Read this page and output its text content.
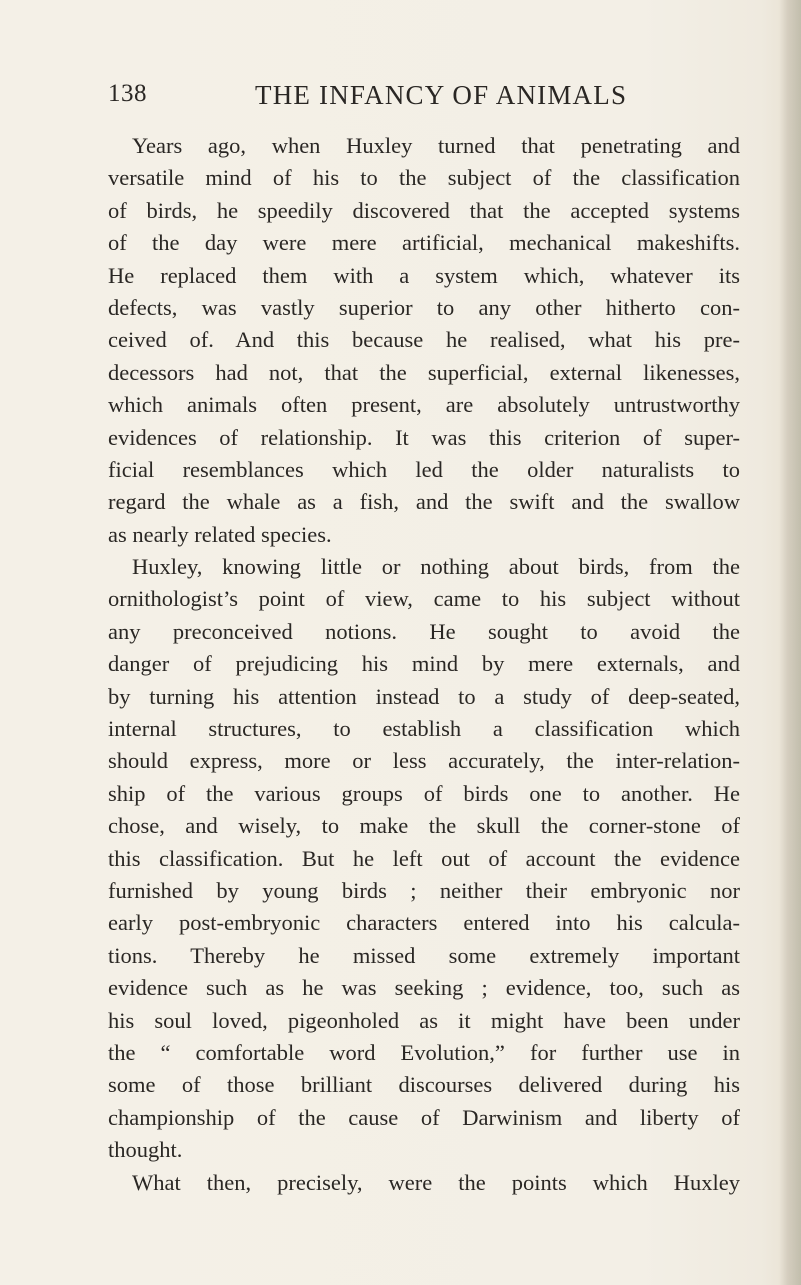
138	THE INFANCY OF ANIMALS
Years ago, when Huxley turned that penetrating and
versatile mind of his to the subject of the classification
of birds, he speedily discovered that the accepted systems
of the day were mere artificial, mechanical makeshifts.
He replaced them with a system which, whatever its
defects, was vastly superior to any other hitherto con-
ceived of. And this because he realised, what his pre-
decessors had not, that the superficial, external likenesses,
which animals often present, are absolutely untrustworthy
evidences of relationship. It was this criterion of super-
ficial resemblances which led the older naturalists to
regard the whale as a fish, and the swift and the swallow
as nearly related species.
Huxley, knowing little or nothing about birds, from the
ornithologist’s point of view, came to his subject without
any preconceived notions. He sought to avoid the
danger of prejudicing his mind by mere externals, and
by turning his attention instead to a study of deep-seated,
internal structures, to establish a classification which
should express, more or less accurately, the inter-relation-
ship of the various groups of birds one to another. He
chose, and wisely, to make the skull the corner-stone of
this classification. But he left out of account the evidence
furnished by young birds ; neither their embryonic nor
early post-embryonic characters entered into his calcula-
tions. Thereby he missed some extremely important
evidence such as he was seeking ; evidence, too, such as
his soul loved, pigeonholed as it might have been under
the “ comfortable word Evolution,” for further use in
some of those brilliant discourses delivered during his
championship of the cause of Darwinism and liberty of
thought.
What then, precisely, were the points which Huxley
